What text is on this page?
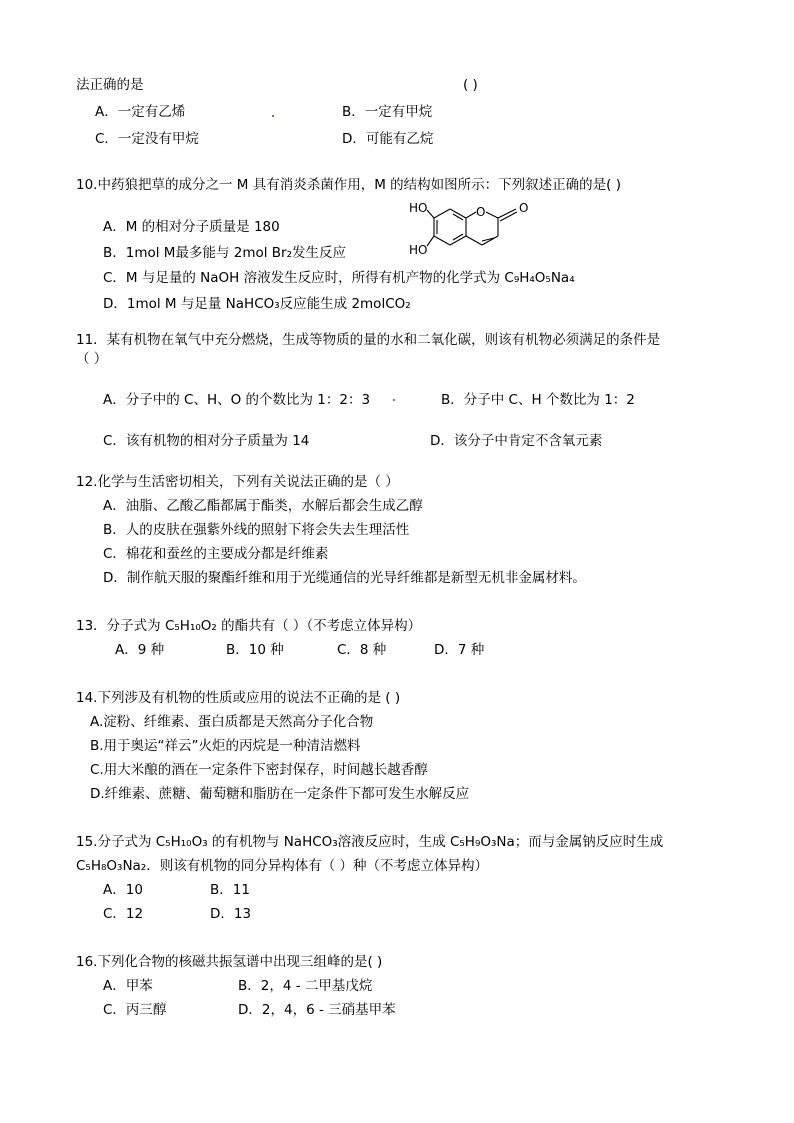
法正确的是	( )
A．一定有乙烯	B．一定有甲烷
C．一定没有甲烷	D．可能有乙烷
10.中药狼把草的成分之一 M 具有消炎杀菌作用，M 的结构如图所示：下列叙述正确的是( )
HO
HO
O	O
A．M 的相对分子质量是 180
B．1mol M最多能与 2mol Br₂发生反应
C．M 与足量的 NaOH 溶液发生反应时，所得有机产物的化学式为 C₉H₄O₅Na₄
D．1mol M 与足量 NaHCO₃反应能生成 2molCO₂
11．某有机物在氧气中充分燃烧，生成等物质的量的水和二氧化碳，则该有机物必须满足的条件是
（ ）
A．分子中的 C、H、O 的个数比为 1：2：3	B．分子中 C、H 个数比为 1：2
C．该有机物的相对分子质量为 14	D．该分子中肯定不含氧元素
12.化学与生活密切相关，下列有关说法正确的是（ ）
A．油脂、乙酸乙酯都属于酯类，水解后都会生成乙醇
B．人的皮肤在强紫外线的照射下将会失去生理活性
C．棉花和蚕丝的主要成分都是纤维素
D．制作航天服的聚酯纤维和用于光缆通信的光导纤维都是新型无机非金属材料。
13．分子式为 C₅H₁₀O₂ 的酯共有（ ）（不考虑立体异构）
A．9 种	B．10 种	C．8 种	D．7 种
14.下列涉及有机物的性质或应用的说法不正确的是 ( )
A.淀粉、纤维素、蛋白质都是天然高分子化合物
B.用于奥运“祥云”火炬的丙烷是一种清洁燃料
C.用大米酿的酒在一定条件下密封保存，时间越长越香醇
D.纤维素、蔗糖、葡萄糖和脂肪在一定条件下都可发生水解反应
15.分子式为 C₅H₁₀O₃ 的有机物与 NaHCO₃溶液反应时，生成 C₅H₉O₃Na；而与金属钠反应时生成
C₅H₈O₃Na₂．则该有机物的同分异构体有（ ）种（不考虑立体异构）
A．10	B．11
C．12	D．13
16.下列化合物的核磁共振氢谱中出现三组峰的是( )
A．甲苯	B．2，4 - 二甲基戊烷
C．丙三醇	D．2，4，6 - 三硝基甲苯
